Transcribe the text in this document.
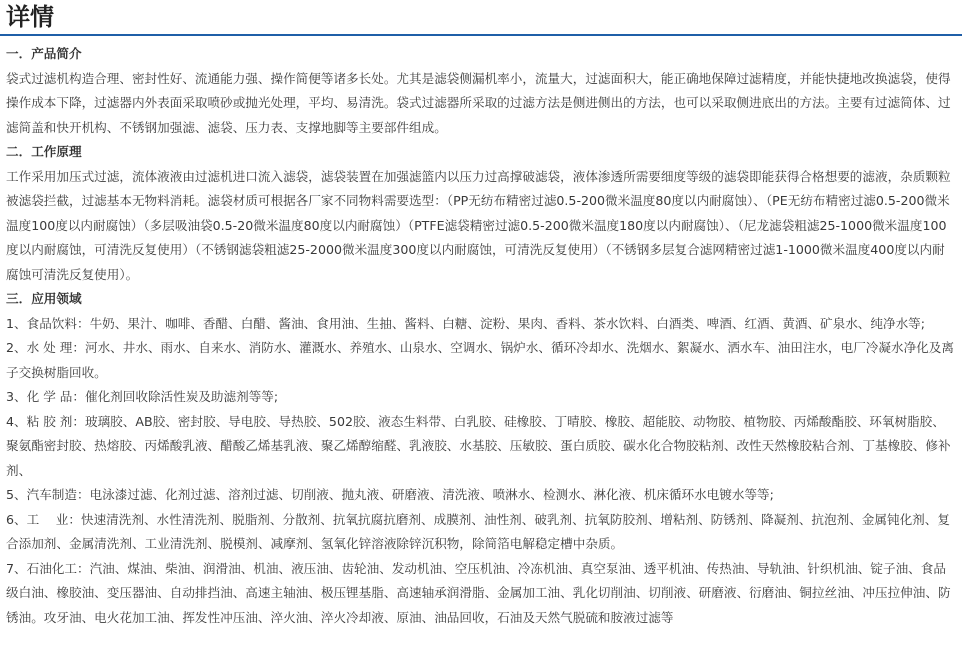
详情

一．产品简介

袋式过滤机构造合理、密封性好、流通能力强、操作简便等诸多长处。尤其是滤袋侧漏机率小，流量大，过滤面积大，能正确地保障过滤精度，并能快捷地改换滤袋，使得操作成本下降，过滤器内外表面采取喷砂或抛光处理，平均、易清洗。袋式过滤器所采取的过滤方法是侧进侧出的方法，也可以采取侧进底出的方法。主要有过滤简体、过滤简盖和快开机构、不锈钢加强滤、滤袋、压力表、支撑地脚等主要部件组成。

二．工作原理

工作采用加压式过滤，流体液液由过滤机进口流入滤袋，滤袋装置在加强滤篮内以压力过高撑破滤袋，液体渗透所需要细度等级的滤袋即能获得合格想要的滤液，杂质颗粒被滤袋拦截，过滤基本无物料消耗。滤袋材质可根据各厂家不同物料需要选型：（PP无纺布精密过滤0.5-200微米温度80度以内耐腐蚀）、（PE无纺布精密过滤0.5-200微米温度100度以内耐腐蚀）（多层吸油袋0.5-20微米温度80度以内耐腐蚀）（PTFE滤袋精密过滤0.5-200微米温度180度以内耐腐蚀）、（尼龙滤袋粗滤25-1000微米温度100度以内耐腐蚀，可清洗反复使用）（不锈钢滤袋粗滤25-2000微米温度300度以内耐腐蚀，可清洗反复使用）（不锈钢多层复合滤网精密过滤1-1000微米温度400度以内耐腐蚀可清洗反复使用）。

三．应用领域

1、食品饮料：牛奶、果汁、咖啡、香醋、白醋、酱油、食用油、生抽、酱料、白糖、淀粉、果肉、香料、茶水饮料、白酒类、啤酒、红酒、黄酒、矿泉水、纯净水等;

2、水 处 理：河水、井水、雨水、自来水、消防水、灌溉水、养殖水、山泉水、空调水、锅炉水、循环冷却水、洗烟水、絮凝水、洒水车、油田注水，电厂冷凝水净化及离子交换树脂回收。

3、化 学 品：催化剂回收除活性炭及助滤剂等等;

4、粘 胶 剂：玻璃胶、AB胶、密封胶、导电胶、导热胶、502胶、液态生料带、白乳胶、硅橡胶、丁晴胶、橡胶、超能胶、动物胶、植物胶、丙烯酸酯胶、环氧树脂胶、聚氨酯密封胶、热熔胶、丙烯酸乳液、醋酸乙烯基乳液、聚乙烯醇缩醛、乳液胶、水基胶、压敏胶、蛋白质胶、碳水化合物胶粘剂、改性天然橡胶粘合剂、丁基橡胶、修补剂、

5、汽车制造：电泳漆过滤、化剂过滤、溶剂过滤、切削液、抛丸液、研磨液、清洗液、喷淋水、检测水、淋化液、机床循环水电镀水等等;

6、工　 业：快速清洗剂、水性清洗剂、脱脂剂、分散剂、抗氧抗腐抗磨剂、成膜剂、油性剂、破乳剂、抗氧防胶剂、增粘剂、防锈剂、降凝剂、抗泡剂、金属钝化剂、复合添加剂、金属清洗剂、工业清洗剂、脱模剂、减摩剂、氢氧化锌溶液除锌沉积物，除简箔电解稳定槽中杂质。

7、石油化工：汽油、煤油、柴油、润滑油、机油、液压油、齿轮油、发动机油、空压机油、冷冻机油、真空泵油、透平机油、传热油、导轨油、针织机油、锭子油、食品级白油、橡胶油、变压器油、自动排挡油、高速主轴油、极压锂基脂、高速轴承润滑脂、金属加工油、乳化切削油、切削液、研磨液、衍磨油、铜拉丝油、冲压拉伸油、防锈油。攻牙油、电火花加工油、挥发性冲压油、淬火油、淬火冷却液、原油、油品回收，石油及天然气脱硫和胺液过滤等
